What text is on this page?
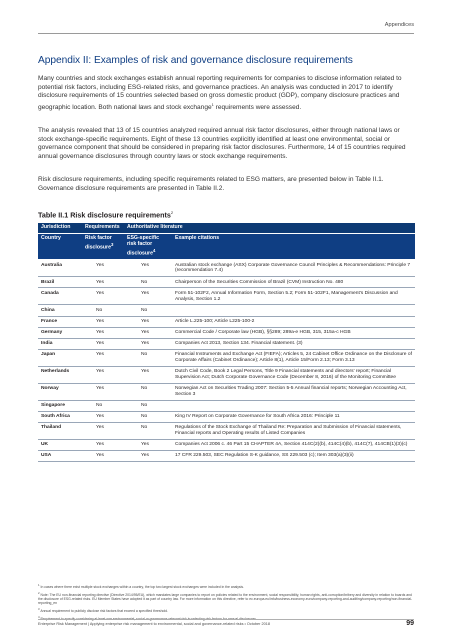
Appendices
Appendix II: Examples of risk and governance disclosure requirements
Many countries and stock exchanges establish annual reporting requirements for companies to disclose information related to potential risk factors, including ESG-related risks, and governance practices. An analysis was conducted in 2017 to identify disclosure requirements of 15 countries selected based on gross domestic product (GDP), company disclosure practices and geographic location. Both national laws and stock exchange$^1$ requirements were assessed.
The analysis revealed that 13 of 15 countries analyzed required annual risk factor disclosures, either through national laws or stock exchange-specific requirements. Eight of these 13 countries explicitly identified at least one environmental, social or governance component that should be considered in preparing risk factor disclosures. Furthermore, 14 of 15 countries required annual governance disclosures through country laws or stock exchange requirements.
Risk disclosure requirements, including specific requirements related to ESG matters, are presented below in Table II.1. Governance disclosure requirements are presented in Table II.2.
Table II.1 Risk disclosure requirements$^2$
Jurisdiction	Requirements	Authoritative literature	
Country	Risk factor disclosure$^3$	ESG-specific risk factor disclosure$^4$	Example citations
Australia	Yes	Yes	Australian stock exchange (ASX) Corporate Governance Council Principles & Recommendations: Principle 7 (recommendation 7.4)
Brazil	Yes	No	Chairperson of the Securities Commission of Brazil (CVM) Instruction No. 480
Canada	Yes	Yes	Form 51-102F2, Annual Information Form, Section 5.2; Form 51-102F1, Management's Discussion and Analysis, Section 1.2
China	No	No	
France	Yes	Yes	Article L.225-100; Article L225-100-2
Germany	Yes	Yes	Commercial Code / Corporate law (HGB), §§289; 289a-e HGB, 315, 315a-c HGB
India	Yes	Yes	Companies Act 2013, Section 134. Financial statement. (3)
Japan	Yes	No	Financial Instruments and Exchange Act (FIEFA); Articles 5, 24 Cabinet Office Ordinance on the Disclosure of Corporate Affairs (Cabinet Ordinance); Article 8(1), Article 15/Form 2.13; Form 3.13
Netherlands	Yes	Yes	Dutch Civil Code, Book 2 Legal Persons, Title 9 Financial statements and directors' report; Financial Supervision Act; Dutch Corporate Governance Code (December 8, 2016) of the Monitoring Committee
Norway	Yes	No	Norwegian Act on Securities Trading 2007: Section 5-5 Annual financial reports; Norwegian Accounting Act, Section 3
Singapore	No	No	
South Africa	Yes	No	King IV Report on Corporate Governance for South Africa 2016: Principle 11
Thailand	Yes	No	Regulations of the Stock Exchange of Thailand Re: Preparation and Submission of Financial statements, Financial reports and Operating results of Listed Companies
UK	Yes	Yes	Companies Act 2006 c. 46 Part 15 CHAPTER 4A, Section 414C(2)(b), 414C(4)(b), 414C(7), 414CB(1)(3)(c)
USA	Yes	Yes	17 CFR 229.503, SEC Regulation S-K guidance, SS 229.503 (c); Item 303(a)(3)(ii)
$^1$ In cases where there exist multiple stock exchanges within a country, the top two largest stock exchanges were included in the analysis.
$^2$ Note: The EU non-financial reporting directive (Directive 2014/95/EU), which mandates large companies to report on policies related to the environment, social responsibility, human rights, anti-corruption/bribery and diversity in relation to boards and the disclosure of ESG-related risks. EU Member States have adopted it as part of country law. For more information on this directive, refer to ec.europa.eu/info/business-economy-euro/company-reporting-and-auditing/company-reporting/non-financial-reporting_en
$^3$ Annual requirement to publicly disclose risk factors that exceed a specified threshold.
$^4$ Requirement to specify considering at least one environmental, social or governance-relevant risk in selecting risk factors for annual disclosures.
Enterprise Risk Management | Applying enterprise risk management to environmental, social and governance-related risks • October 2018	99
